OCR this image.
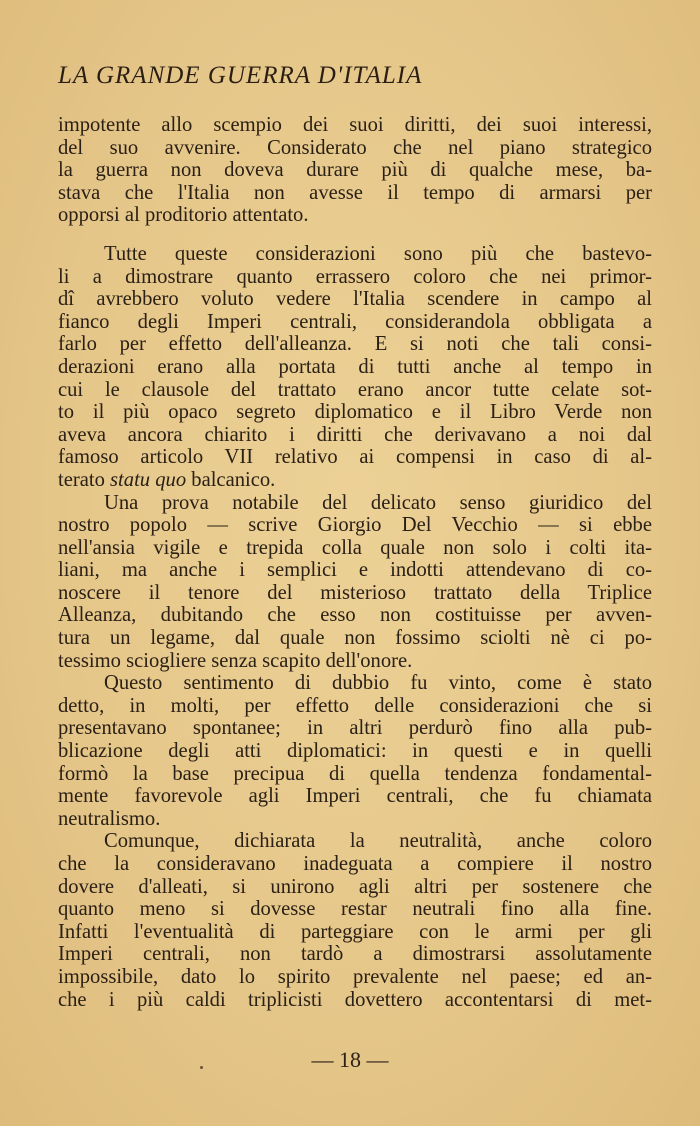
LA GRANDE GUERRA D'ITALIA
impotente allo scempio dei suoi diritti, dei suoi interessi,
del suo avvenire. Considerato che nel piano strategico
la guerra non doveva durare più di qualche mese, ba-
stava che l'Italia non avesse il tempo di armarsi per
opporsi al proditorio attentato.
Tutte queste considerazioni sono più che bastevo-
li a dimostrare quanto errassero coloro che nei primor-
dî avrebbero voluto vedere l'Italia scendere in campo al
fianco degli Imperi centrali, considerandola obbligata a
farlo per effetto dell'alleanza. E si noti che tali consi-
derazioni erano alla portata di tutti anche al tempo in
cui le clausole del trattato erano ancor tutte celate sot-
to il più opaco segreto diplomatico e il Libro Verde non
aveva ancora chiarito i diritti che derivavano a noi dal
famoso articolo VII relativo ai compensi in caso di al-
terato statu quo balcanico.
Una prova notabile del delicato senso giuridico del
nostro popolo — scrive Giorgio Del Vecchio — si ebbe
nell'ansia vigile e trepida colla quale non solo i colti ita-
liani, ma anche i semplici e indotti attendevano di co-
noscere il tenore del misterioso trattato della Triplice
Alleanza, dubitando che esso non costituisse per avven-
tura un legame, dal quale non fossimo sciolti nè ci po-
tessimo sciogliere senza scapito dell'onore.
Questo sentimento di dubbio fu vinto, come è stato
detto, in molti, per effetto delle considerazioni che si
presentavano spontanee; in altri perdurò fino alla pub-
blicazione degli atti diplomatici: in questi e in quelli
formò la base precipua di quella tendenza fondamental-
mente favorevole agli Imperi centrali, che fu chiamata
neutralismo.
Comunque, dichiarata la neutralità, anche coloro
che la consideravano inadeguata a compiere il nostro
dovere d'alleati, si unirono agli altri per sostenere che
quanto meno si dovesse restar neutrali fino alla fine.
Infatti l'eventualità di parteggiare con le armi per gli
Imperi centrali, non tardò a dimostrarsi assolutamente
impossibile, dato lo spirito prevalente nel paese; ed an-
che i più caldi triplicisti dovettero accontentarsi di met-
— 18 —
